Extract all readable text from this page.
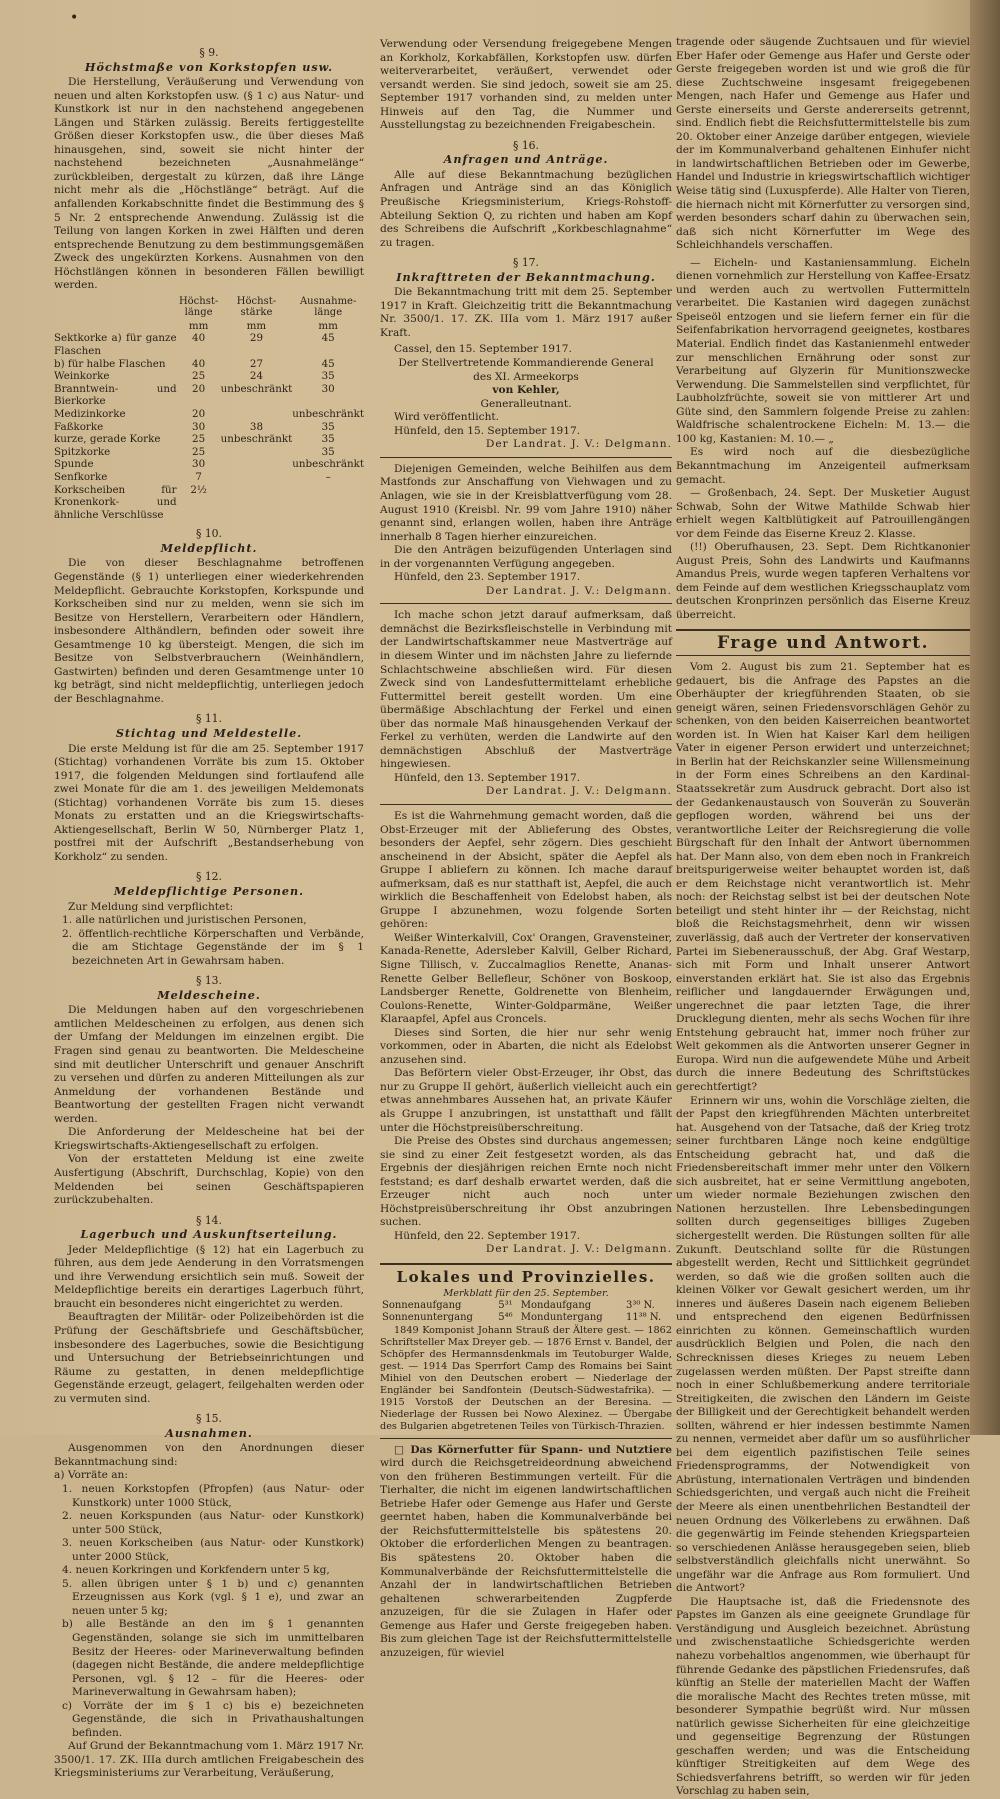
•
§ 9.
Höchstmaße von Korkstopfen usw.

Die Herstellung, Veräußerung und Verwendung von neuen und alten Korkstopfen usw. (§ 1 c) aus Natur- und Kunstkork ist nur in den nachstehend angegebenen Längen und Stärken zulässig. Bereits fertiggestellte Größen dieser Korkstopfen usw., die über dieses Maß hinausgehen, sind, soweit sie nicht hinter der nachstehend bezeichneten „Ausnahmelänge“ zurückbleiben, dergestalt zu kürzen, daß ihre Länge nicht mehr als die „Höchstlänge“ beträgt. Auf die anfallenden Korkabschnitte findet die Bestimmung des § 5 Nr. 2 entsprechende Anwendung. Zulässig ist die Teilung von langen Korken in zwei Hälften und deren entsprechende Benutzung zu dem bestimmungsgemäßen Zweck des ungekürzten Korkens. Ausnahmen von den Höchstlängen können in besonderen Fällen bewilligt werden.

	Höchst-länge	Höchst-stärke	Ausnahme-länge
	mm	mm	mm
Sektkorke a) für ganze Flaschen	40	29	45
b) für halbe Flaschen	40	27	45
Weinkorke	25	24	35
Branntwein- und Bierkorke	20	unbeschränkt	30
Medizinkorke	20		unbeschränkt
Faßkorke	30	38	35
kurze, gerade Korke	25	unbeschränkt	35
Spitzkorke	25		35
Spunde	30		unbeschränkt
Senfkorke	7		–
Korkscheiben für Kronenkork- und ähnliche Verschlüsse	2½		
§ 10.
Meldepflicht.

Die von dieser Beschlagnahme betroffenen Gegenstände (§ 1) unterliegen einer wiederkehrenden Meldepflicht. Gebrauchte Korkstopfen, Korkspunde und Korkscheiben sind nur zu melden, wenn sie sich im Besitze von Herstellern, Verarbeitern oder Händlern, insbesondere Althändlern, befinden oder soweit ihre Gesamtmenge 10 kg übersteigt. Mengen, die sich im Besitze von Selbstverbrauchern (Weinhändlern, Gastwirten) befinden und deren Gesamtmenge unter 10 kg beträgt, sind nicht meldepflichtig, unterliegen jedoch der Beschlagnahme.

§ 11.
Stichtag und Meldestelle.

Die erste Meldung ist für die am 25. September 1917 (Stichtag) vorhandenen Vorräte bis zum 15. Oktober 1917, die folgenden Meldungen sind fortlaufend alle zwei Monate für die am 1. des jeweiligen Meldemonats (Stichtag) vorhandenen Vorräte bis zum 15. dieses Monats zu erstatten und an die Kriegswirtschafts-Aktiengesellschaft, Berlin W 50, Nürnberger Platz 1, postfrei mit der Aufschrift „Bestandserhebung von Korkholz“ zu senden.

§ 12.
Meldepflichtige Personen.

Zur Meldung sind verpflichtet:

1. alle natürlichen und juristischen Personen,

2. öffentlich-rechtliche Körperschaften und Verbände, die am Stichtage Gegenstände der im § 1 bezeichneten Art in Gewahrsam haben.

§ 13.
Meldescheine.

Die Meldungen haben auf den vorgeschriebenen amtlichen Meldescheinen zu erfolgen, aus denen sich der Umfang der Meldungen im einzelnen ergibt. Die Fragen sind genau zu beantworten. Die Meldescheine sind mit deutlicher Unterschrift und genauer Anschrift zu versehen und dürfen zu anderen Mitteilungen als zur Anmeldung der vorhandenen Bestände und Beantwortung der gestellten Fragen nicht verwandt werden.

Die Anforderung der Meldescheine hat bei der Kriegswirtschafts-Aktiengesellschaft zu erfolgen.

Von der erstatteten Meldung ist eine zweite Ausfertigung (Abschrift, Durchschlag, Kopie) von den Meldenden bei seinen Geschäftspapieren zurückzubehalten.

§ 14.
Lagerbuch und Auskunftserteilung.

Jeder Meldepflichtige (§ 12) hat ein Lagerbuch zu führen, aus dem jede Aenderung in den Vorratsmengen und ihre Verwendung ersichtlich sein muß. Soweit der Meldepflichtige bereits ein derartiges Lagerbuch führt, braucht ein besonderes nicht eingerichtet zu werden.

Beauftragten der Militär- oder Polizeibehörden ist die Prüfung der Geschäftsbriefe und Geschäftsbücher, insbesondere des Lagerbuches, sowie die Besichtigung und Untersuchung der Betriebseinrichtungen und Räume zu gestatten, in denen meldepflichtige Gegenstände erzeugt, gelagert, feilgehalten werden oder zu vermuten sind.

§ 15.
Ausnahmen.

Ausgenommen von den Anordnungen dieser Bekanntmachung sind:

a) Vorräte an:

1. neuen Korkstopfen (Pfropfen) (aus Natur- oder Kunstkork) unter 1000 Stück,

2. neuen Korkspunden (aus Natur- oder Kunstkork) unter 500 Stück,

3. neuen Korkscheiben (aus Natur- oder Kunstkork) unter 2000 Stück,

4. neuen Korkringen und Korkfendern unter 5 kg,

5. allen übrigen unter § 1 b) und c) genannten Erzeugnissen aus Kork (vgl. § 1 e), und zwar an neuen unter 5 kg;

b) alle Bestände an den im § 1 genannten Gegenständen, solange sie sich im unmittelbaren Besitz der Heeres- oder Marineverwaltung befinden (dagegen nicht Bestände, die andere meldepflichtige Personen, vgl. § 12 – für die Heeres- oder Marineverwaltung in Gewahrsam haben);

c) Vorräte der im § 1 c) bis e) bezeichneten Gegenstände, die sich in Privathaushaltungen befinden.

Auf Grund der Bekanntmachung vom 1. März 1917 Nr. 3500/1. 17. ZK. IIIa durch amtlichen Freigabeschein des Kriegsministeriums zur Verarbeitung, Veräußerung,

Verwendung oder Versendung freigegebene Mengen an Korkholz, Korkabfällen, Korkstopfen usw. dürfen weiterverarbeitet, veräußert, verwendet oder versandt werden. Sie sind jedoch, soweit sie am 25. September 1917 vorhanden sind, zu melden unter Hinweis auf den Tag, die Nummer und Ausstellungstag zu bezeichnenden Freigabeschein.

§ 16.
Anfragen und Anträge.

Alle auf diese Bekanntmachung bezüglichen Anfragen und Anträge sind an das Königlich Preußische Kriegsministerium, Kriegs-Rohstoff-Abteilung Sektion Q, zu richten und haben am Kopf des Schreibens die Aufschrift „Korkbeschlagnahme“ zu tragen.

§ 17.
Inkrafttreten der Bekanntmachung.

Die Bekanntmachung tritt mit dem 25. September 1917 in Kraft. Gleichzeitig tritt die Bekanntmachung Nr. 3500/1. 17. ZK. IIIa vom 1. März 1917 außer Kraft.

Cassel, den 15. September 1917.

Der Stellvertretende Kommandierende General

des XI. Armeekorps

von Kehler,

Generalleutnant.

Wird veröffentlicht.

Hünfeld, den 15. September 1917.

Der Landrat. J. V.: Delgmann.

Diejenigen Gemeinden, welche Beihilfen aus dem Mastfonds zur Anschaffung von Viehwagen und zu Anlagen, wie sie in der Kreisblattverfügung vom 28. August 1910 (Kreisbl. Nr. 99 vom Jahre 1910) näher genannt sind, erlangen wollen, haben ihre Anträge innerhalb 8 Tagen hierher einzureichen.

Die den Anträgen beizufügenden Unterlagen sind in der vorgenannten Verfügung angegeben.

Hünfeld, den 23. September 1917.

Der Landrat. J. V.: Delgmann.

Ich mache schon jetzt darauf aufmerksam, daß demnächst die Bezirksfleischstelle in Verbindung mit der Landwirtschaftskammer neue Mastverträge auf in diesem Winter und im nächsten Jahre zu liefernde Schlachtschweine abschließen wird. Für diesen Zweck sind von Landesfuttermittelamt erhebliche Futtermittel bereit gestellt worden. Um eine übermäßige Abschlachtung der Ferkel und einen über das normale Maß hinausgehenden Verkauf der Ferkel zu verhüten, werden die Landwirte auf den demnächstigen Abschluß der Mastverträge hingewiesen.

Hünfeld, den 13. September 1917.

Der Landrat. J. V.: Delgmann.

Es ist die Wahrnehmung gemacht worden, daß die Obst-Erzeuger mit der Ablieferung des Obstes, besonders der Aepfel, sehr zögern. Dies geschieht anscheinend in der Absicht, später die Aepfel als Gruppe I abliefern zu können. Ich mache darauf aufmerksam, daß es nur statthaft ist, Aepfel, die auch wirklich die Beschaffenheit von Edelobst haben, als Gruppe I abzunehmen, wozu folgende Sorten gehören:

Weißer Winterkalvill, Cox' Orangen, Gravensteiner, Kanada-Renette, Adersleber Kalvill, Gelber Richard, Signe Tillisch, v. Zuccalmaglios Renette, Ananas-Renette Gelber Bellefleur, Schöner von Boskoop, Landsberger Renette, Goldrenette von Blenheim, Coulons-Renette, Winter-Goldparmäne, Weißer Klaraapfel, Apfel aus Croncels.

Dieses sind Sorten, die hier nur sehr wenig vorkommen, oder in Abarten, die nicht als Edelobst anzusehen sind.

Das Beförtern vieler Obst-Erzeuger, ihr Obst, das nur zu Gruppe II gehört, äußerlich vielleicht auch ein etwas annehmbares Aussehen hat, an private Käufer als Gruppe I anzubringen, ist unstatthaft und fällt unter die Höchstpreisüberschreitung.

Die Preise des Obstes sind durchaus angemessen; sie sind zu einer Zeit festgesetzt worden, als das Ergebnis der diesjährigen reichen Ernte noch nicht feststand; es darf deshalb erwartet werden, daß die Erzeuger nicht auch noch unter Höchstpreisüberschreitung ihr Obst anzubringen suchen.

Hünfeld, den 22. September 1917.

Der Landrat. J. V.: Delgmann.

Lokales und Provinzielles.
Merkblatt für den 25. September.
Sonnenaufgang	5³¹	Mondaufgang	3³⁰ N.
Sonnenuntergang	5⁴⁶	Monduntergang	11³⁸ N.

1849 Komponist Johann Strauß der Ältere gest. — 1862 Schriftsteller Max Dreyer geb. — 1876 Ernst v. Bandel, der Schöpfer des Hermannsdenkmals im Teutoburger Walde, gest. — 1914 Das Sperrfort Camp des Romains bei Saint Mihiel von den Deutschen erobert — Niederlage der Engländer bei Sandfontein (Deutsch-Südwestafrika). — 1915 Vorstoß der Deutschen an der Beresina. — Niederlage der Russen bei Nowo Alexinez. — Übergabe des Bulgarien abgetretenen Teiles von Türkisch-Thrazien.

□ Das Körnerfutter für Spann- und Nutztiere wird durch die Reichsgetreideordnung abweichend von den früheren Bestimmungen verteilt. Für die Tierhalter, die nicht im eigenen landwirtschaftlichen Betriebe Hafer oder Gemenge aus Hafer und Gerste geerntet haben, haben die Kommunalverbände bei der Reichsfuttermittelstelle bis spätestens 20. Oktober die erforderlichen Mengen zu beantragen. Bis spätestens 20. Oktober haben die Kommunalverbände der Reichsfuttermittelstelle die Anzahl der in landwirtschaftlichen Betrieben gehaltenen schwerarbeitenden Zugpferde anzuzeigen, für die sie Zulagen in Hafer oder Gemenge aus Hafer und Gerste freigegeben haben. Bis zum gleichen Tage ist der Reichsfuttermittelstelle anzuzeigen, für wieviel

tragende oder säugende Zuchtsauen und für wieviel Eber Hafer oder Gemenge aus Hafer und Gerste oder Gerste freigegeben worden ist und wie groß die für diese Zuchtschweine insgesamt freigegebenen Mengen, nach Hafer und Gemenge aus Hafer und Gerste einerseits und Gerste andererseits getrennt, sind. Endlich fiebt die Reichsfuttermittelstelle bis zum 20. Oktober einer Anzeige darüber entgegen, wieviele der im Kommunalverband gehaltenen Einhufer nicht in landwirtschaftlichen Betrieben oder im Gewerbe, Handel und Industrie in kriegswirtschaftlich wichtiger Weise tätig sind (Luxuspferde). Alle Halter von Tieren, die hiernach nicht mit Körnerfutter zu versorgen sind, werden besonders scharf dahin zu überwachen sein, daß sich nicht Körnerfutter im Wege des Schleichhandels verschaffen.

— Eicheln- und Kastaniensammlung. Eicheln dienen vornehmlich zur Herstellung von Kaffee-Ersatz und werden auch zu wertvollen Futtermitteln verarbeitet. Die Kastanien wird dagegen zunächst Speiseöl entzogen und sie liefern ferner ein für die Seifenfabrikation hervorragend geeignetes, kostbares Material. Endlich findet das Kastanienmehl entweder zur menschlichen Ernährung oder sonst zur Verarbeitung auf Glyzerin für Munitionszwecke Verwendung. Die Sammelstellen sind verpflichtet, für Laubholzfrüchte, soweit sie von mittlerer Art und Güte sind, den Sammlern folgende Preise zu zahlen: Waldfrische schalentrockene Eicheln: M. 13.— die 100 kg, Kastanien: M. 10.— „

Es wird noch auf die diesbezügliche Bekanntmachung im Anzeigenteil aufmerksam gemacht.

— Großenbach, 24. Sept. Der Musketier August Schwab, Sohn der Witwe Mathilde Schwab hier erhielt wegen Kaltblütigkeit auf Patrouillengängen vor dem Feinde das Eiserne Kreuz 2. Klasse.

(!!) Oberufhausen, 23. Sept. Dem Richtkanonier August Preis, Sohn des Landwirts und Kaufmanns Amandus Preis, wurde wegen tapferen Verhaltens vor dem Feinde auf dem westlichen Kriegsschauplatz vom deutschen Kronprinzen persönlich das Eiserne Kreuz überreicht.

Frage und Antwort.

Vom 2. August bis zum 21. September hat es gedauert, bis die Anfrage des Papstes an die Oberhäupter der kriegführenden Staaten, ob sie geneigt wären, seinen Friedensvorschlägen Gehör zu schenken, von den beiden Kaiserreichen beantwortet worden ist. In Wien hat Kaiser Karl dem heiligen Vater in eigener Person erwidert und unterzeichnet; in Berlin hat der Reichskanzler seine Willensmeinung in der Form eines Schreibens an den Kardinal-Staatssekretär zum Ausdruck gebracht. Dort also ist der Gedankenaustausch von Souverän zu Souverän gepflogen worden, während bei uns der verantwortliche Leiter der Reichsregierung die volle Bürgschaft für den Inhalt der Antwort übernommen hat. Der Mann also, von dem eben noch in Frankreich breitspurigerweise weiter behauptet worden ist, daß er dem Reichstage nicht verantwortlich ist. Mehr noch: der Reichstag selbst ist bei der deutschen Note beteiligt und steht hinter ihr — der Reichstag, nicht bloß die Reichstagsmehrheit, denn wir wissen zuverlässig, daß auch der Vertreter der konservativen Partei im Siebenerausschuß, der Abg. Graf Westarp, sich mit Form und Inhalt unserer Antwort einverstanden erklärt hat. Sie ist also das Ergebnis reiflicher und langdauernder Erwägungen und, ungerechnet die paar letzten Tage, die ihrer Drucklegung dienten, mehr als sechs Wochen für ihre Entstehung gebraucht hat, immer noch früher zur Welt gekommen als die Antworten unserer Gegner in Europa. Wird nun die aufgewendete Mühe und Arbeit durch die innere Bedeutung des Schriftstückes gerechtfertigt?

Erinnern wir uns, wohin die Vorschläge zielten, die der Papst den kriegführenden Mächten unterbreitet hat. Ausgehend von der Tatsache, daß der Krieg trotz seiner furchtbaren Länge noch keine endgültige Entscheidung gebracht hat, und daß die Friedensbereitschaft immer mehr unter den Völkern sich ausbreitet, hat er seine Vermittlung angeboten, um wieder normale Beziehungen zwischen den Nationen herzustellen. Ihre Lebensbedingungen sollten durch gegenseitiges billiges Zugeben sichergestellt werden. Die Rüstungen sollten für alle Zukunft. Deutschland sollte für die Rüstungen abgestellt werden, Recht und Sittlichkeit gegründet werden, so daß wie die großen sollten auch die kleinen Völker vor Gewalt gesichert werden, um ihr inneres und äußeres Dasein nach eigenem Belieben und entsprechend den eigenen Bedürfnissen einrichten zu können. Gemeinschaftlich wurden ausdrücklich Belgien und Polen, die nach den Schrecknissen dieses Krieges zu neuem Leben zugelassen werden müßten. Der Papst streifte dann noch in einer Schlußbemerkung andere territoriale Streitigkeiten, die zwischen den Ländern im Geiste der Billigkeit und der Gerechtigkeit behandelt werden sollten, während er hier indessen bestimmte Namen zu nennen, vermeidet aber dafür um so ausführlicher bei dem eigentlich pazifistischen Teile seines Friedensprogramms, der Notwendigkeit von Abrüstung, internationalen Verträgen und bindenden Schiedsgerichten, und vergaß auch nicht die Freiheit der Meere als einen unentbehrlichen Bestandteil der neuen Ordnung des Völkerlebens zu erwähnen. Daß die gegenwärtig im Feinde stehenden Kriegsparteien so verschiedenen Anlässe herausgegeben seien, blieb selbstverständlich gleichfalls nicht unerwähnt. So ungefähr war die Anfrage aus Rom formuliert. Und die Antwort?

Die Hauptsache ist, daß die Friedensnote des Papstes im Ganzen als eine geeignete Grundlage für Verständigung und Ausgleich bezeichnet. Abrüstung und zwischenstaatliche Schiedsgerichte werden nahezu vorbehaltlos angenommen, wie überhaupt für führende Gedanke des päpstlichen Friedensrufes, daß künftig an Stelle der materiellen Macht der Waffen die moralische Macht des Rechtes treten müsse, mit besonderer Sympathie begrüßt wird. Nur müssen natürlich gewisse Sicherheiten für eine gleichzeitige und gegenseitige Begrenzung der Rüstungen geschaffen werden; und was die Entscheidung künftiger Streitigkeiten auf dem Wege des Schiedsverfahrens betrifft, so werden wir für jeden Vorschlag zu haben sein,
